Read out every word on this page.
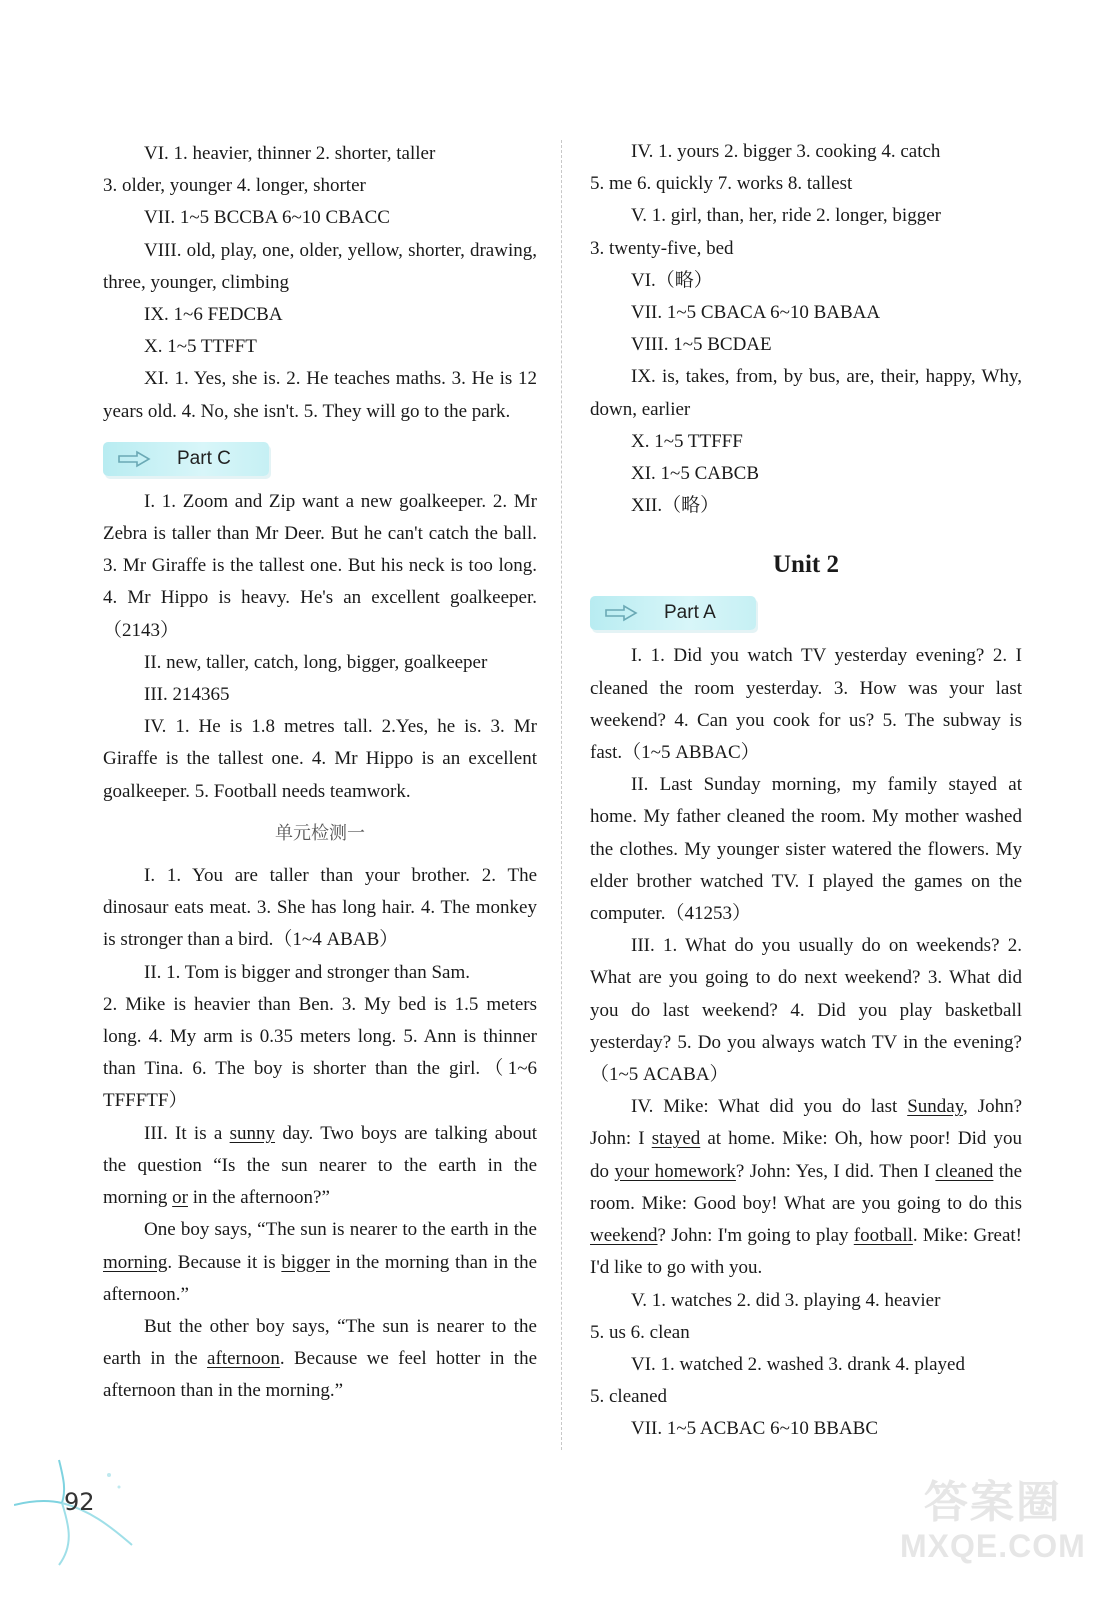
VI. 1. heavier, thinner 2. shorter, taller

3. older, younger 4. longer, shorter

VII. 1~5 BCCBA 6~10 CBACC

VIII. old, play, one, older, yellow, shorter, drawing, three, younger, climbing

IX. 1~6 FEDCBA

X. 1~5 TTFFT

XI. 1. Yes, she is. 2. He teaches maths. 3. He is 12 years old. 4. No, she isn't. 5. They will go to the park.

Part C

I. 1. Zoom and Zip want a new goalkeeper. 2. Mr Zebra is taller than Mr Deer. But he can't catch the ball. 3. Mr Giraffe is the tallest one. But his neck is too long. 4. Mr Hippo is heavy. He's an excellent goalkeeper.（2143）

II. new, taller, catch, long, bigger, goalkeeper

III. 214365

IV. 1. He is 1.8 metres tall. 2.Yes, he is. 3. Mr Giraffe is the tallest one. 4. Mr Hippo is an excellent goalkeeper. 5. Football needs teamwork.

单元检测一

I. 1. You are taller than your brother. 2. The dinosaur eats meat. 3. She has long hair. 4. The monkey is stronger than a bird.（1~4 ABAB）

II. 1. Tom is bigger and stronger than Sam.

2. Mike is heavier than Ben. 3. My bed is 1.5 meters long. 4. My arm is 0.35 meters long. 5. Ann is thinner than Tina. 6. The boy is shorter than the girl.（1~6 TFFFTF）

III. It is a sunny day. Two boys are talking about the question “Is the sun nearer to the earth in the morning or in the afternoon?”

One boy says, “The sun is nearer to the earth in the morning. Because it is bigger in the morning than in the afternoon.”

But the other boy says, “The sun is nearer to the earth in the afternoon. Because we feel hotter in the afternoon than in the morning.”

IV. 1. yours 2. bigger 3. cooking 4. catch

5. me 6. quickly 7. works 8. tallest

V. 1. girl, than, her, ride 2. longer, bigger

3. twenty-five, bed

VI.（略）

VII. 1~5 CBACA 6~10 BABAA

VIII. 1~5 BCDAE

IX. is, takes, from, by bus, are, their, happy, Why, down, earlier

X. 1~5 TTFFF

XI. 1~5 CABCB

XII.（略）

Unit 2
Part A

I. 1. Did you watch TV yesterday evening? 2. I cleaned the room yesterday. 3. How was your last weekend? 4. Can you cook for us? 5. The subway is fast.（1~5 ABBAC）

II. Last Sunday morning, my family stayed at home. My father cleaned the room. My mother washed the clothes. My younger sister watered the flowers. My elder brother watched TV. I played the games on the computer.（41253）

III. 1. What do you usually do on weekends? 2. What are you going to do next weekend? 3. What did you do last weekend? 4. Did you play basketball yesterday? 5. Do you always watch TV in the evening?（1~5 ACABA）

IV. Mike: What did you do last Sunday, John? John: I stayed at home. Mike: Oh, how poor! Did you do your homework? John: Yes, I did. Then I cleaned the room. Mike: Good boy! What are you going to do this weekend? John: I'm going to play football. Mike: Great! I'd like to go with you.

V. 1. watches 2. did 3. playing 4. heavier

5. us 6. clean

VI. 1. watched 2. washed 3. drank 4. played

5. cleaned

VII. 1~5 ACBAC 6~10 BBABC

92	答案圈
MXQE.COM
